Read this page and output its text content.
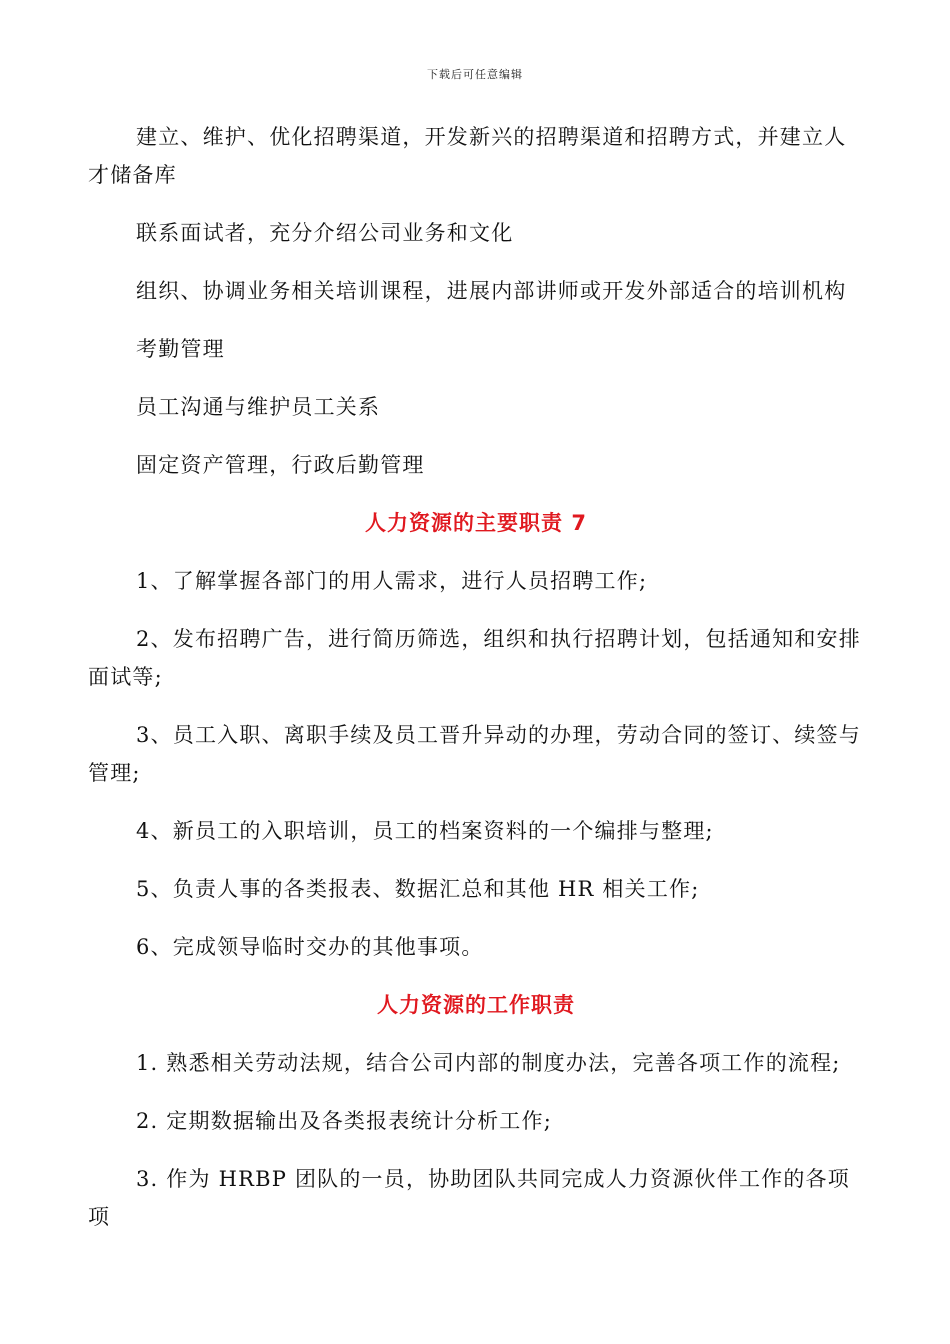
下载后可任意编辑

建立、维护、优化招聘渠道，开发新兴的招聘渠道和招聘方式，并建立人才储备库

联系面试者，充分介绍公司业务和文化

组织、协调业务相关培训课程，进展内部讲师或开发外部适合的培训机构

考勤管理

员工沟通与维护员工关系

固定资产管理，行政后勤管理

人力资源的主要职责 7

1、了解掌握各部门的用人需求，进行人员招聘工作;

2、发布招聘广告，进行简历筛选，组织和执行招聘计划，包括通知和安排面试等;

3、员工入职、离职手续及员工晋升异动的办理，劳动合同的签订、续签与管理;

4、新员工的入职培训，员工的档案资料的一个编排与整理;

5、负责人事的各类报表、数据汇总和其他 HR 相关工作;

6、完成领导临时交办的其他事项。

人力资源的工作职责

1. 熟悉相关劳动法规，结合公司内部的制度办法，完善各项工作的流程;

2. 定期数据输出及各类报表统计分析工作;

3. 作为 HRBP 团队的一员，协助团队共同完成人力资源伙伴工作的各项项
